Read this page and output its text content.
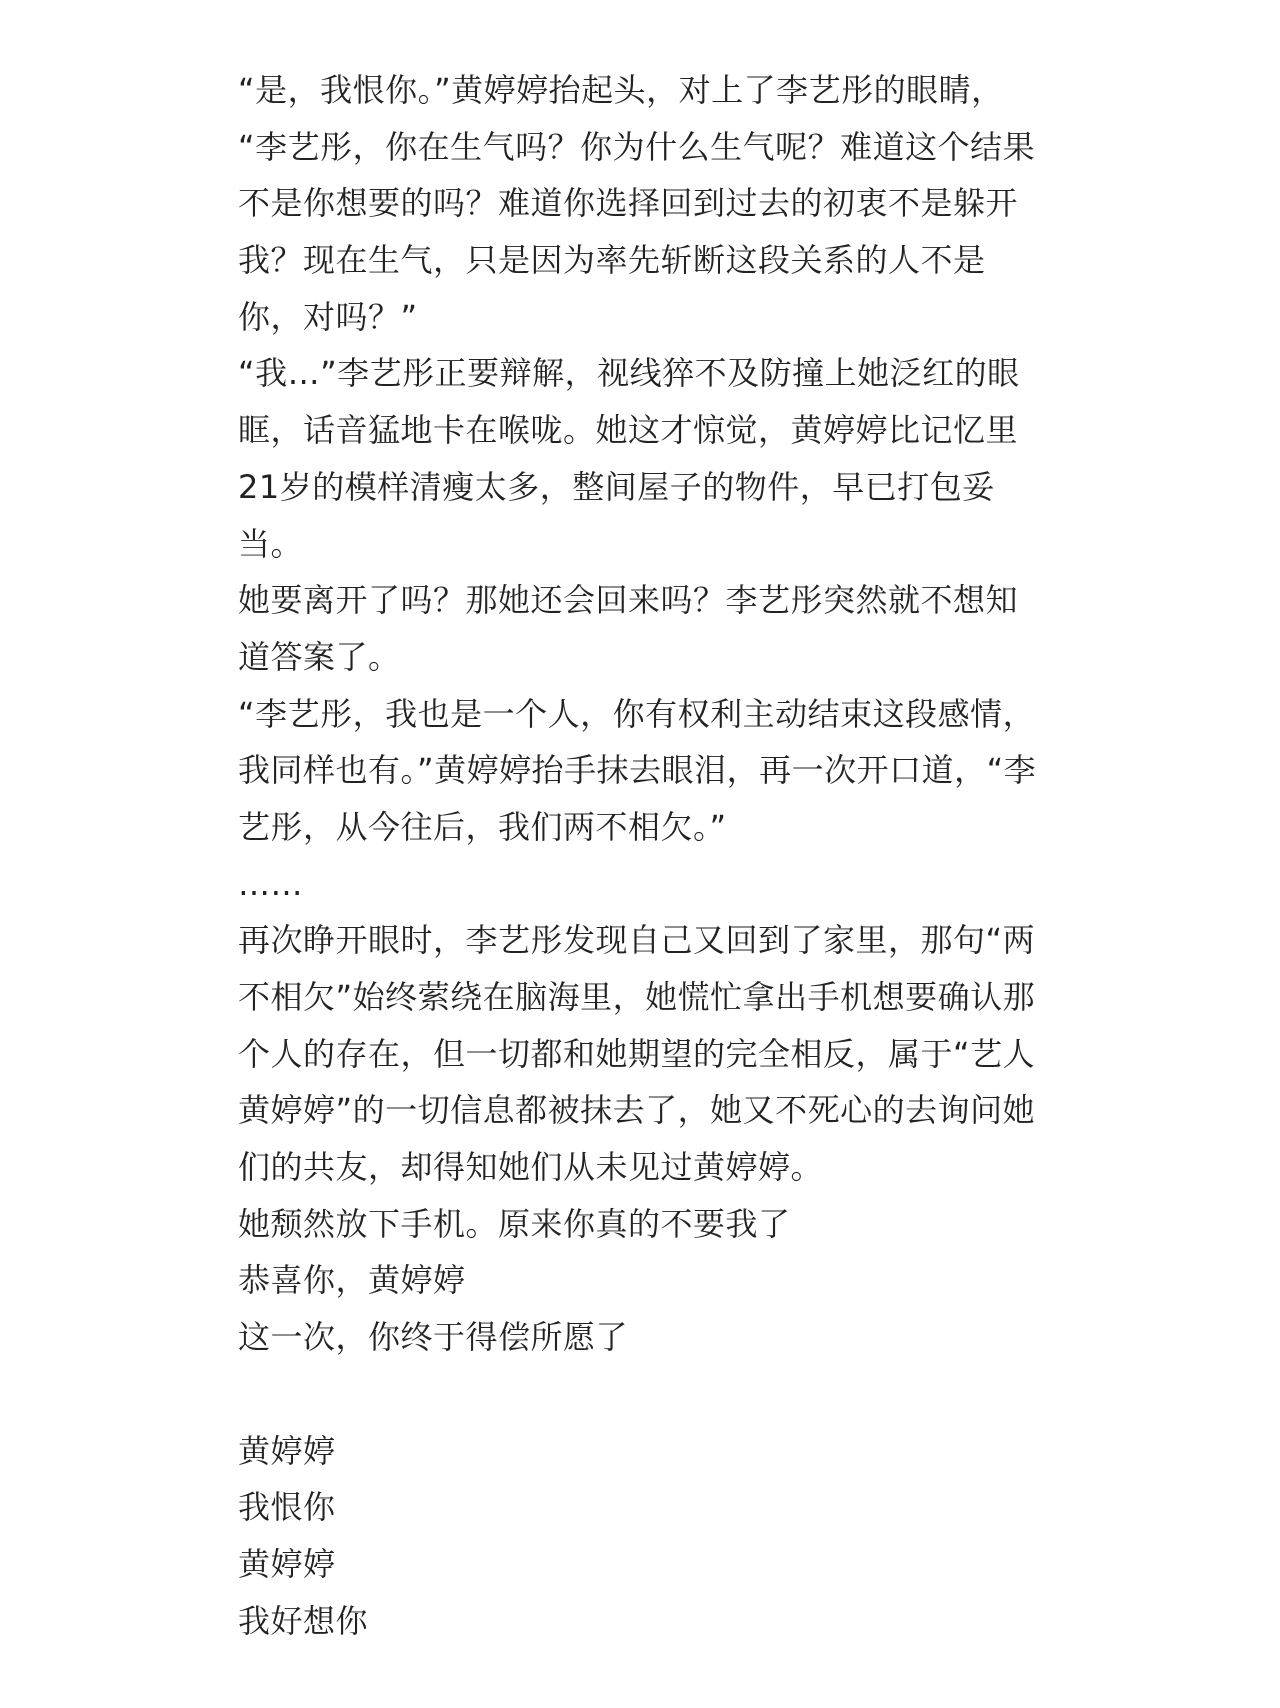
“是，我恨你。”黄婷婷抬起头，对上了李艺彤的眼睛，
“李艺彤，你在生气吗？你为什么生气呢？难道这个结果
不是你想要的吗？难道你选择回到过去的初衷不是躲开
我？现在生气，只是因为率先斩断这段关系的人不是
你，对吗？”
“我…”李艺彤正要辩解，视线猝不及防撞上她泛红的眼
眶，话音猛地卡在喉咙。她这才惊觉，黄婷婷比记忆里
21岁的模样清瘦太多，整间屋子的物件，早已打包妥
当。
她要离开了吗？那她还会回来吗？李艺彤突然就不想知
道答案了。
“李艺彤，我也是一个人，你有权利主动结束这段感情，
我同样也有。”黄婷婷抬手抹去眼泪，再一次开口道，“李
艺彤，从今往后，我们两不相欠。”
……
再次睁开眼时，李艺彤发现自己又回到了家里，那句“两
不相欠”始终萦绕在脑海里，她慌忙拿出手机想要确认那
个人的存在，但一切都和她期望的完全相反，属于“艺人
黄婷婷”的一切信息都被抹去了，她又不死心的去询问她
们的共友，却得知她们从未见过黄婷婷。
她颓然放下手机。原来你真的不要我了
恭喜你，黄婷婷
这一次，你终于得偿所愿了
黄婷婷
我恨你
黄婷婷
我好想你
